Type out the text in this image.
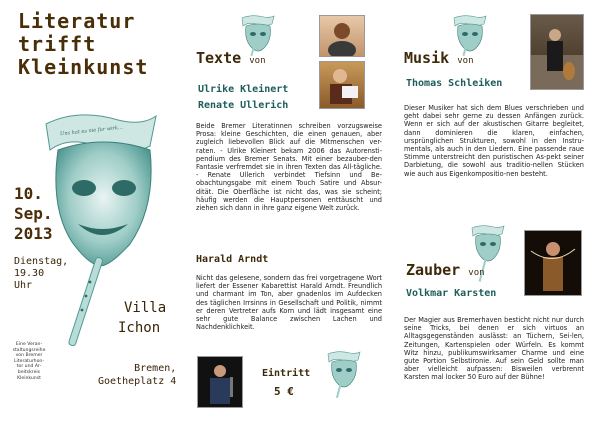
Literatur
trifft
Kleinkunst
Uns hat es nie fur wirk...
10.
Sep.
2013
Dienstag,
19.30
Uhr
Villa
Ichon
Bremen,
Goetheplatz 4
Eine Veran-
staltungsreihe
von Bremer
Literaturhon-
tor und Ar-
beitskreis
Kleinkunst
Texte von
Ulrike Kleinert
Renate Ullerich
Beide Bremer Literatinnen schreiben vorzugsweise Prosa: kleine Geschichten, die einen genauen, aber zugleich liebevollen Blick auf die Mitmenschen ver-raten. - Ulrike Kleinert bekam 2006 das Autorensti-pendium des Bremer Senats. Mit einer bezauber-den Fantasie verfremdet sie in ihren Texten das All-tägliche. - Renate Ullerich verbindet Tiefsinn und Be-obachtungsgabe mit einem Touch Satire und Absur-dität. Die Oberfläche ist nicht das, was sie scheint; häufig werden die Hauptpersonen enttäuscht und ziehen sich dann in ihre ganz eigene Welt zurück.
Harald Arndt
Nicht das gelesene, sondern das frei vorgetragene Wort liefert der Essener Kabarettist Harald Arndt. Freundlich und charmant im Ton, aber gnadenlos im Aufdecken des täglichen Irrsinns in Gesellschaft und Politik, nimmt er deren Vertreter aufs Korn und lädt insgesamt eine sehr gute Balance zwischen Lachen und Nachdenklichkeit.
Eintritt
5 €
Musik von
Thomas Schleiken
Dieser Musiker hat sich dem Blues verschrieben und geht dabei sehr gerne zu dessen Anfängen zurück. Wenn er sich auf der akustischen Gitarre begleitet, dann dominieren die klaren, einfachen, ursprünglichen Strukturen, sowohl in den Instru-mentals, als auch in den Liedern. Eine passende raue Stimme unterstreicht den puristischen As-pekt seiner Darbietung, die sowohl aus traditio-nellen Stücken wie auch aus Eigenkompositio-nen besteht.
Zauber von
Volkmar Karsten
Der Magier aus Bremerhaven besticht nicht nur durch seine Tricks, bei denen er sich virtuos an Alltagsgegenständen auslässt: an Tüchern, Sei-len, Zeitungen, Kartenspielen oder Würfeln. Es kommt Witz hinzu, publikumswirksamer Charme und eine gute Portion Selbstironie. Auf sein Geld sollte man aber vielleicht aufpassen: Bisweilen verbrennt Karsten mal locker 50 Euro auf der Bühne!
